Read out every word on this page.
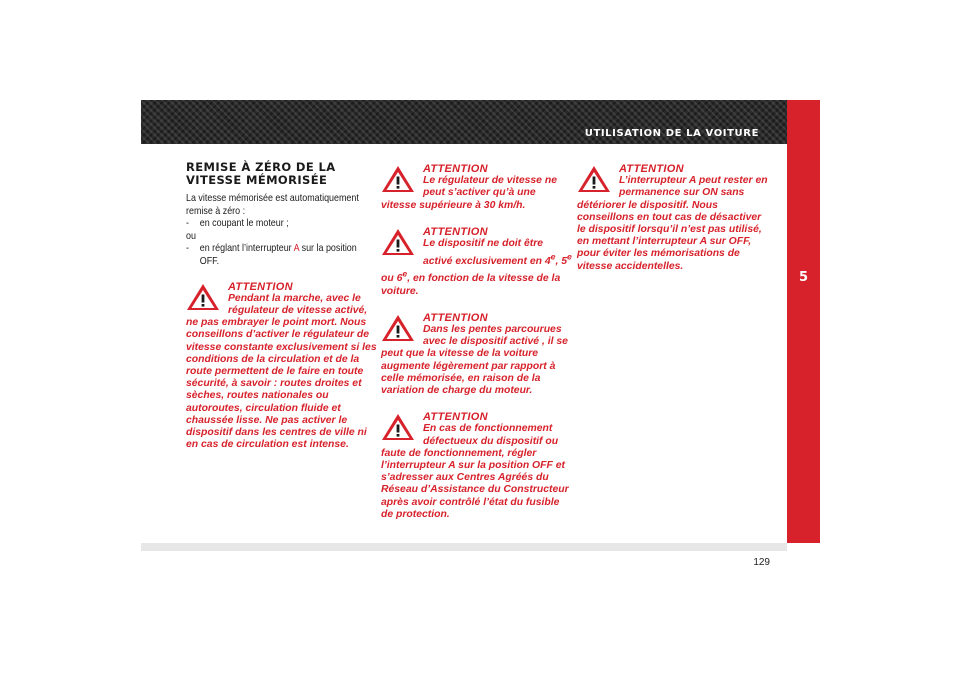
UTILISATION DE LA VOITURE
5
129
REMISE À ZÉRO DE LA
VITESSE MÉMORISÉE

La vitesse mémorisée est automatiquement remise à zéro :

- en coupant le moteur ;

ou

- en réglant l’interrupteur A sur la position OFF.
ATTENTION
Pendant la marche, avec le régulateur de vitesse activé, ne pas embrayer le point mort. Nous conseillons d’activer le régulateur de vitesse constante exclusivement si les conditions de la circulation et de la route permettent de le faire en toute sécurité, à savoir : routes droites et sèches, routes nationales ou autoroutes, circulation fluide et chaussée lisse. Ne pas activer le dispositif dans les centres de ville ni en cas de circulation est intense.
ATTENTION
Le régulateur de vitesse ne peut s’activer qu’à une vitesse supérieure à 30 km/h.
ATTENTION
Le dispositif ne doit être activé exclusivement en 4e, 5e ou 6e, en fonction de la vitesse de la voiture.
ATTENTION
Dans les pentes parcourues avec le dispositif activé , il se peut que la vitesse de la voiture augmente légèrement par rapport à celle mémorisée, en raison de la variation de charge du moteur.
ATTENTION
En cas de fonctionnement défectueux du dispositif ou faute de fonctionnement, régler l’interrupteur A sur la position OFF et s’adresser aux Centres Agréés du Réseau d’Assistance du Constructeur après avoir contrôlé l’état du fusible de protection.
ATTENTION
L’interrupteur A peut rester en permanence sur ON sans détériorer le dispositif. Nous conseillons en tout cas de désactiver le dispositif lorsqu’il n’est pas utilisé, en mettant l’interrupteur A sur OFF, pour éviter les mémorisations de vitesse accidentelles.
